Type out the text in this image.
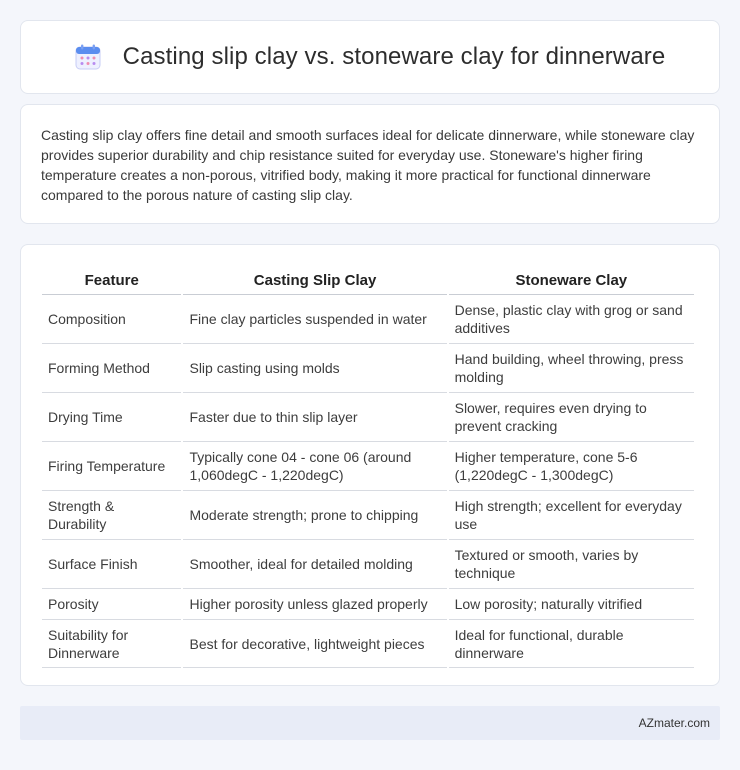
Casting slip clay vs. stoneware clay for dinnerware

Casting slip clay offers fine detail and smooth surfaces ideal for delicate dinnerware, while stoneware clay provides superior durability and chip resistance suited for everyday use. Stoneware's higher firing temperature creates a non-porous, vitrified body, making it more practical for functional dinnerware compared to the porous nature of casting slip clay.

Feature	Casting Slip Clay	Stoneware Clay
Composition	Fine clay particles suspended in water	Dense, plastic clay with grog or sand additives
Forming Method	Slip casting using molds	Hand building, wheel throwing, press molding
Drying Time	Faster due to thin slip layer	Slower, requires even drying to prevent cracking
Firing Temperature	Typically cone 04 - cone 06 (around 1,060degC - 1,220degC)	Higher temperature, cone 5-6 (1,220degC - 1,300degC)
Strength & Durability	Moderate strength; prone to chipping	High strength; excellent for everyday use
Surface Finish	Smoother, ideal for detailed molding	Textured or smooth, varies by technique
Porosity	Higher porosity unless glazed properly	Low porosity; naturally vitrified
Suitability for Dinnerware	Best for decorative, lightweight pieces	Ideal for functional, durable dinnerware
AZmater.com
